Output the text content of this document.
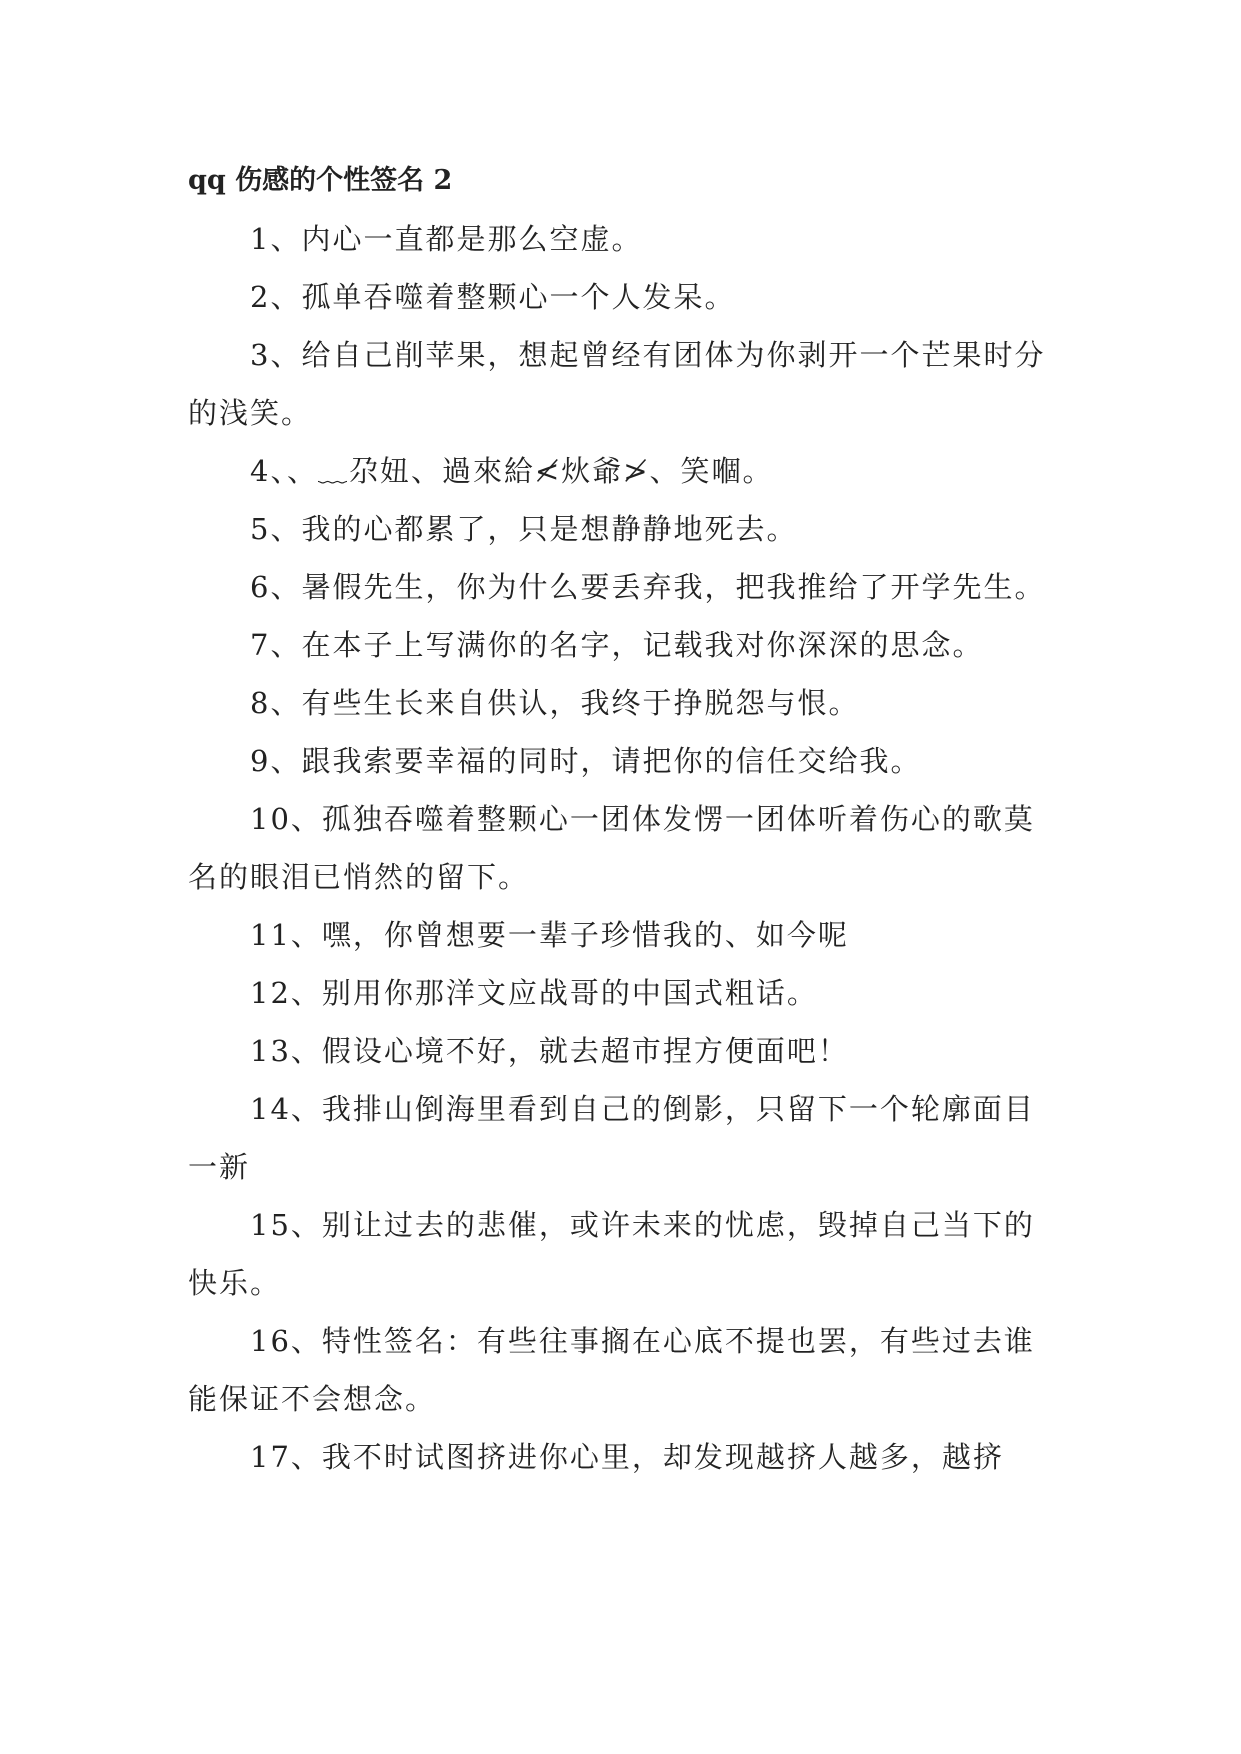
qq 伤感的个性签名 2

1、内心一直都是那么空虚。

2、孤单吞噬着整颗心一个人发呆。

3、给自己削苹果，想起曾经有团体为你剥开一个芒果时分的浅笑。

4、、﹏尕妞、過來給≮炏爺≯、笑嗰。

5、我的心都累了，只是想静静地死去。

6、暑假先生，你为什么要丢弃我，把我推给了开学先生。

7、在本子上写满你的名字，记载我对你深深的思念。

8、有些生长来自供认，我终于挣脱怨与恨。

9、跟我索要幸福的同时，请把你的信任交给我。

10、孤独吞噬着整颗心一团体发愣一团体听着伤心的歌莫名的眼泪已悄然的留下。

11、嘿，你曾想要一辈子珍惜我的、如今呢

12、别用你那洋文应战哥的中国式粗话。

13、假设心境不好，就去超市捏方便面吧！

14、我排山倒海里看到自己的倒影，只留下一个轮廓面目一新

15、别让过去的悲催，或许未来的忧虑，毁掉自己当下的快乐。

16、特性签名：有些往事搁在心底不提也罢，有些过去谁能保证不会想念。

17、我不时试图挤进你心里，却发现越挤人越多，越挤
